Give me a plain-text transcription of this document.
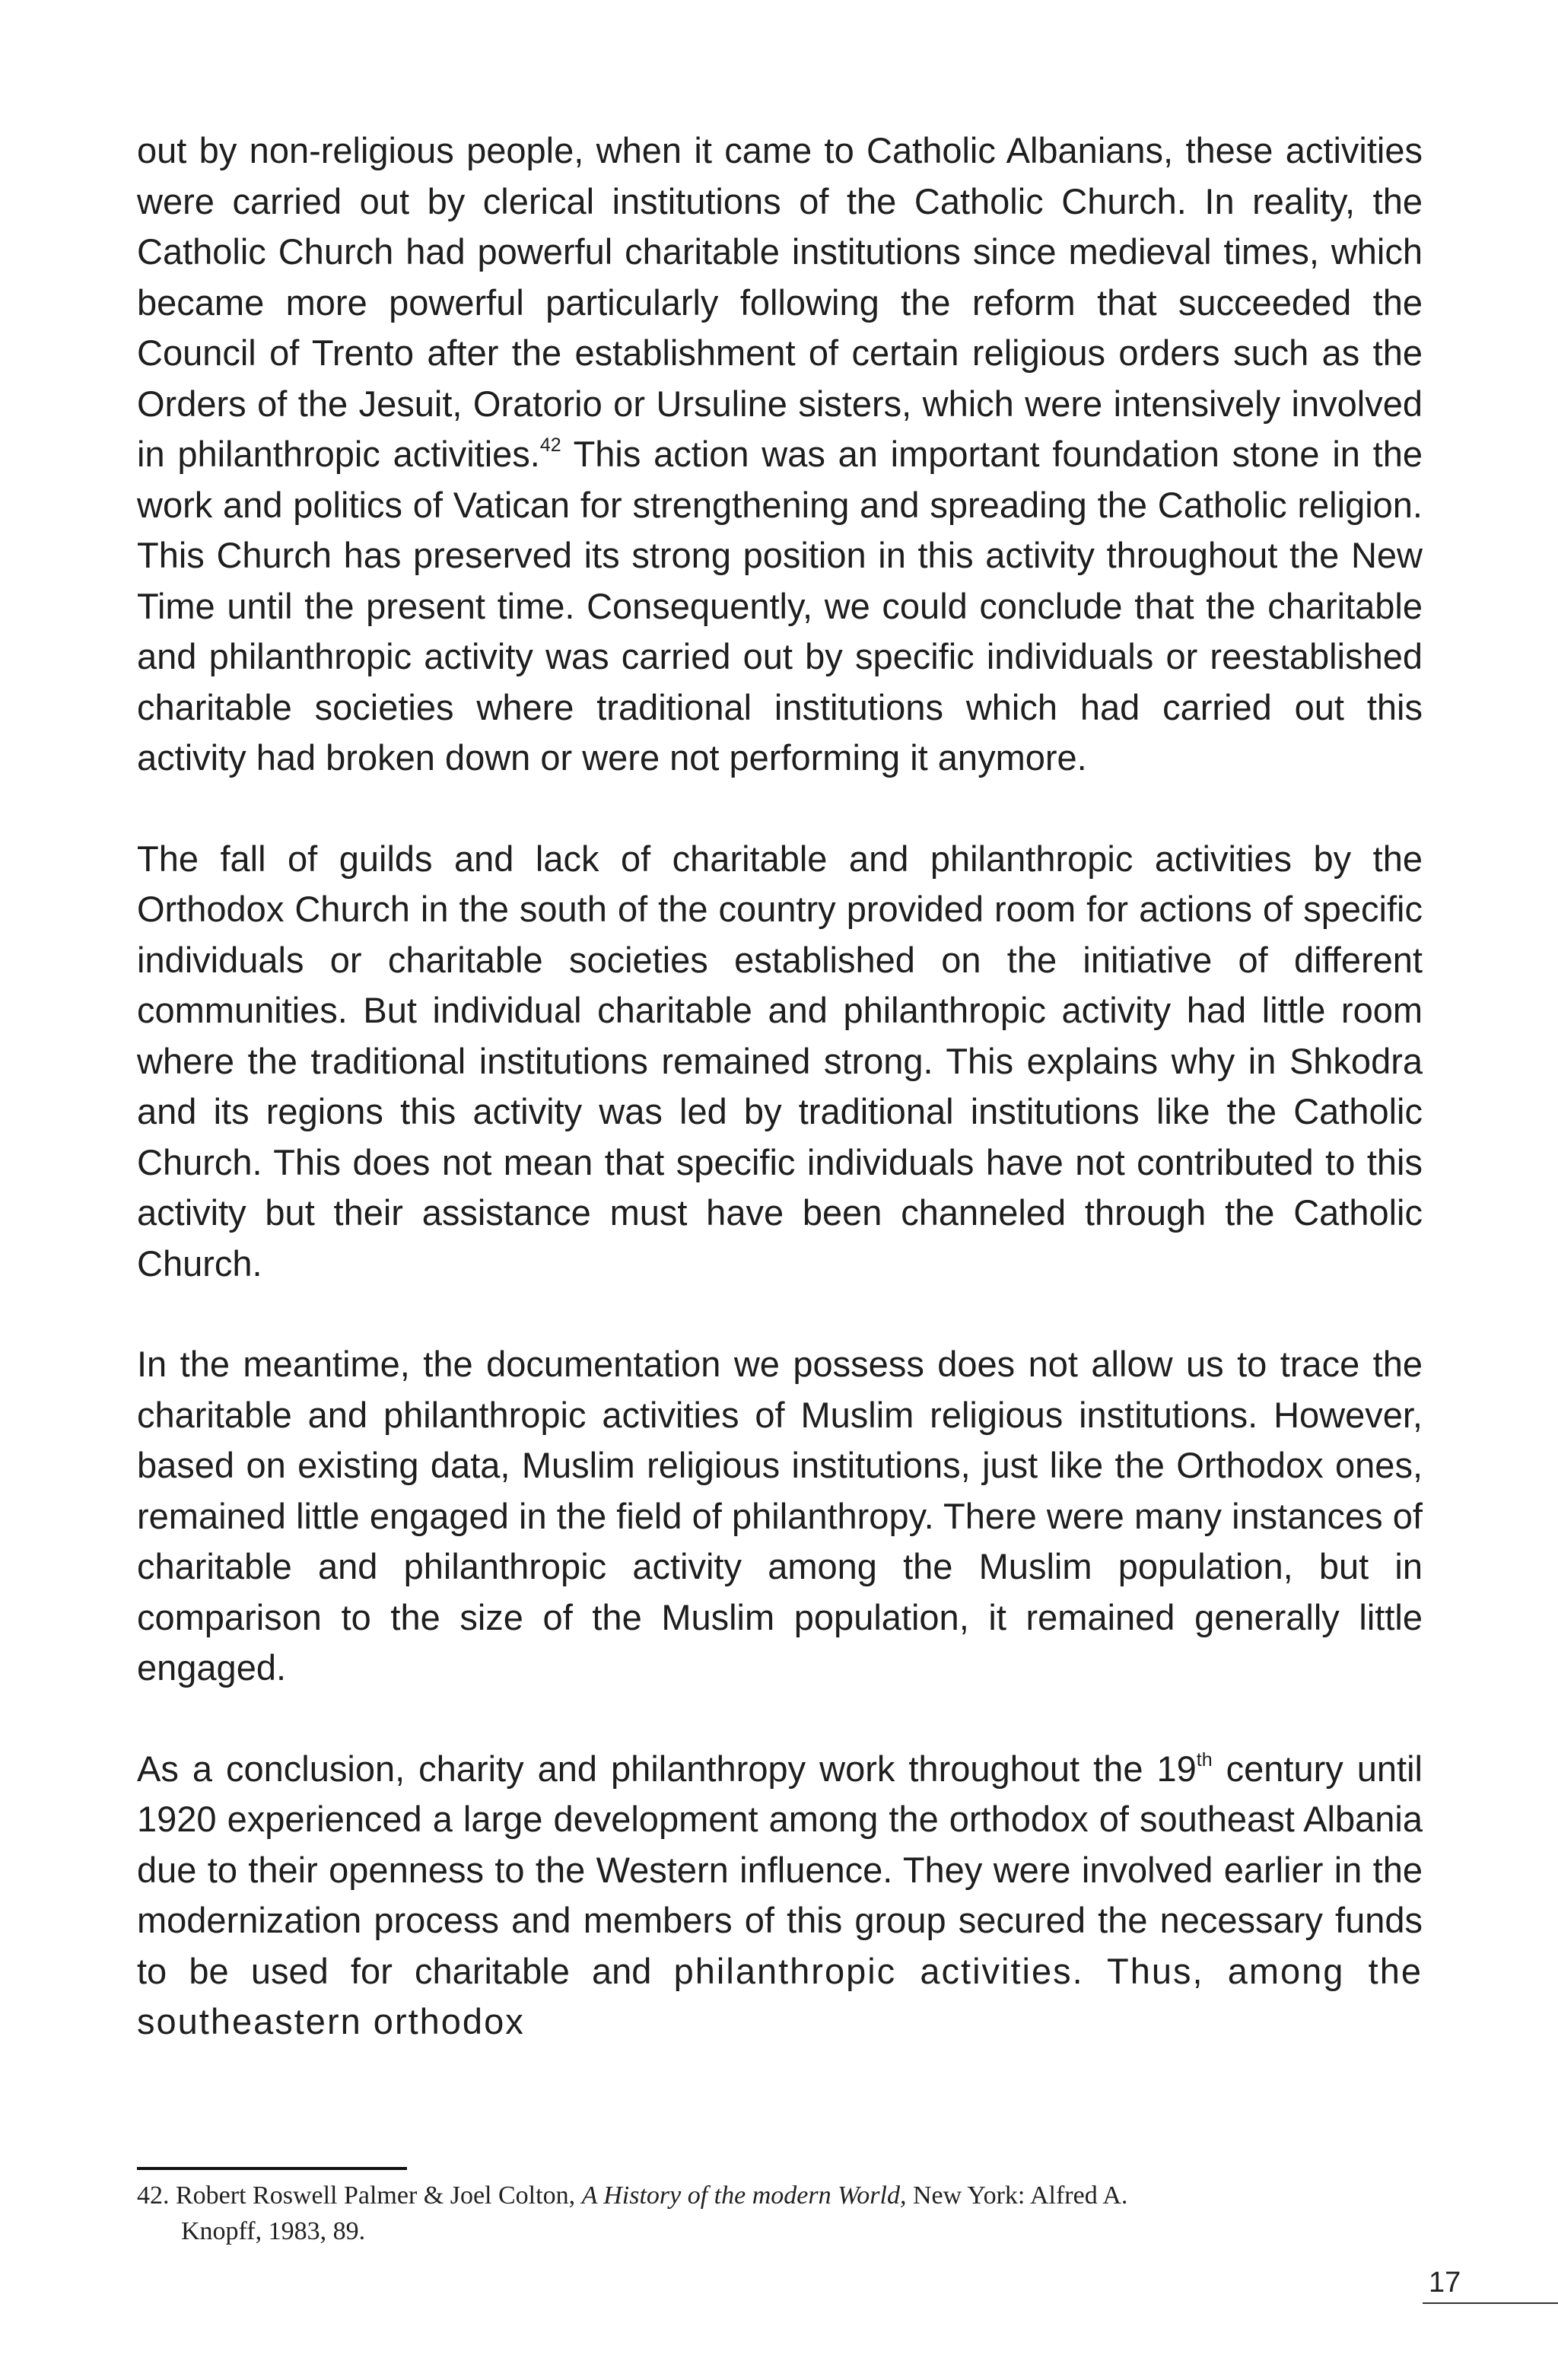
out by non-religious people, when it came to Catholic Albanians, these activities were carried out by clerical institutions of the Catholic Church. In reality, the Catholic Church had powerful charitable institutions since medieval times, which became more powerful particularly following the reform that succeeded the Council of Trento after the establishment of certain religious orders such as the Orders of the Jesuit, Oratorio or Ursuline sisters, which were intensively involved in philanthropic activities.$^{42}$ This action was an important foundation stone in the work and politics of Vatican for strengthening and spreading the Catholic religion. This Church has preserved its strong position in this activity throughout the New Time until the present time. Consequently, we could conclude that the charitable and philanthropic activity was carried out by specific individuals or reestablished charitable societies where traditional institutions which had carried out this activity had broken down or were not performing it anymore.

The fall of guilds and lack of charitable and philanthropic activities by the Orthodox Church in the south of the country provided room for actions of specific individuals or charitable societies established on the initiative of different communities. But individual charitable and philanthropic activity had little room where the traditional institutions remained strong. This explains why in Shkodra and its regions this activity was led by traditional institutions like the Catholic Church. This does not mean that specific individuals have not contributed to this activity but their assistance must have been channeled through the Catholic Church.

In the meantime, the documentation we possess does not allow us to trace the charitable and philanthropic activities of Muslim religious institutions. However, based on existing data, Muslim religious institutions, just like the Orthodox ones, remained little engaged in the field of philanthropy. There were many instances of charitable and philanthropic activity among the Muslim population, but in comparison to the size of the Muslim population, it remained generally little engaged.

As a conclusion, charity and philanthropy work throughout the 19th century until 1920 experienced a large development among the orthodox of southeast Albania due to their openness to the Western influence. They were involved earlier in the modernization process and members of this group secured the necessary funds to be used for charitable and philanthropic activities. Thus, among the southeastern orthodox

42. Robert Roswell Palmer & Joel Colton, A History of the modern World, New York: Alfred A.
Knopff, 1983, 89.
17
